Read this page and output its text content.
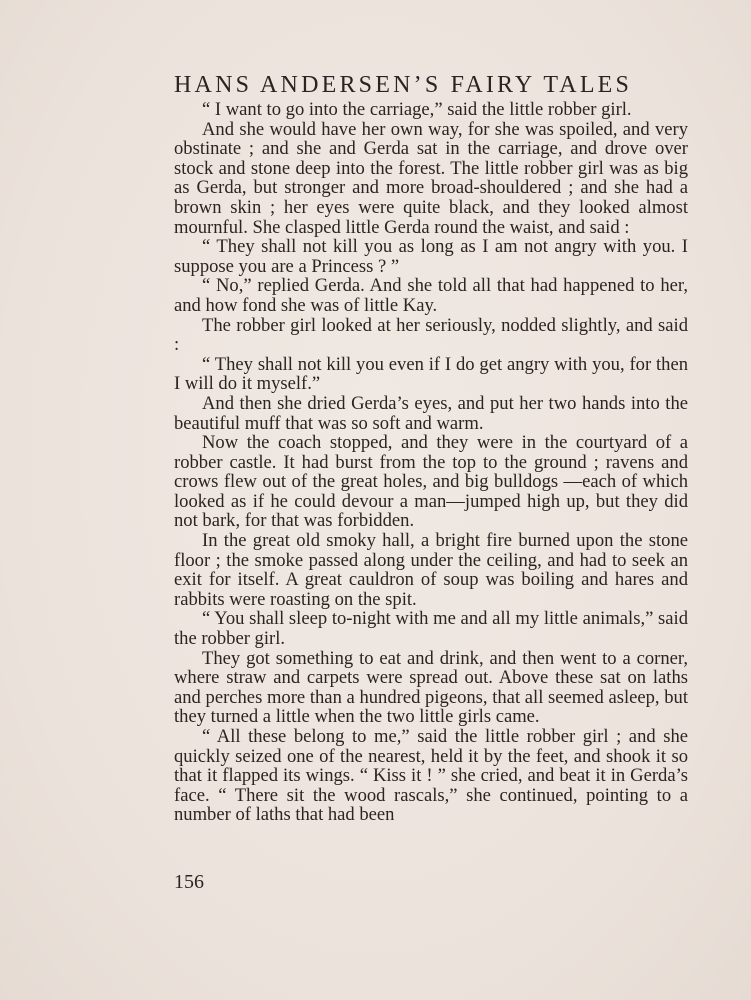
HANS ANDERSEN’S FAIRY TALES

“ I want to go into the carriage,” said the little robber girl.

And she would have her own way, for she was spoiled, and very obstinate ; and she and Gerda sat in the carriage, and drove over stock and stone deep into the forest. The little robber girl was as big as Gerda, but stronger and more broad-shouldered ; and she had a brown skin ; her eyes were quite black, and they looked almost mournful. She clasped little Gerda round the waist, and said :

“ They shall not kill you as long as I am not angry with you. I suppose you are a Princess ? ”

“ No,” replied Gerda. And she told all that had happened to her, and how fond she was of little Kay.

The robber girl looked at her seriously, nodded slightly, and said :

“ They shall not kill you even if I do get angry with you, for then I will do it myself.”

And then she dried Gerda’s eyes, and put her two hands into the beautiful muff that was so soft and warm.

Now the coach stopped, and they were in the courtyard of a robber castle. It had burst from the top to the ground ; ravens and crows flew out of the great holes, and big bulldogs —each of which looked as if he could devour a man—jumped high up, but they did not bark, for that was forbidden.

In the great old smoky hall, a bright fire burned upon the stone floor ; the smoke passed along under the ceiling, and had to seek an exit for itself. A great cauldron of soup was boiling and hares and rabbits were roasting on the spit.

“ You shall sleep to-night with me and all my little animals,” said the robber girl.

They got something to eat and drink, and then went to a corner, where straw and carpets were spread out. Above these sat on laths and perches more than a hundred pigeons, that all seemed asleep, but they turned a little when the two little girls came.

“ All these belong to me,” said the little robber girl ; and she quickly seized one of the nearest, held it by the feet, and shook it so that it flapped its wings. “ Kiss it ! ” she cried, and beat it in Gerda’s face. “ There sit the wood rascals,” she continued, pointing to a number of laths that had been

156
